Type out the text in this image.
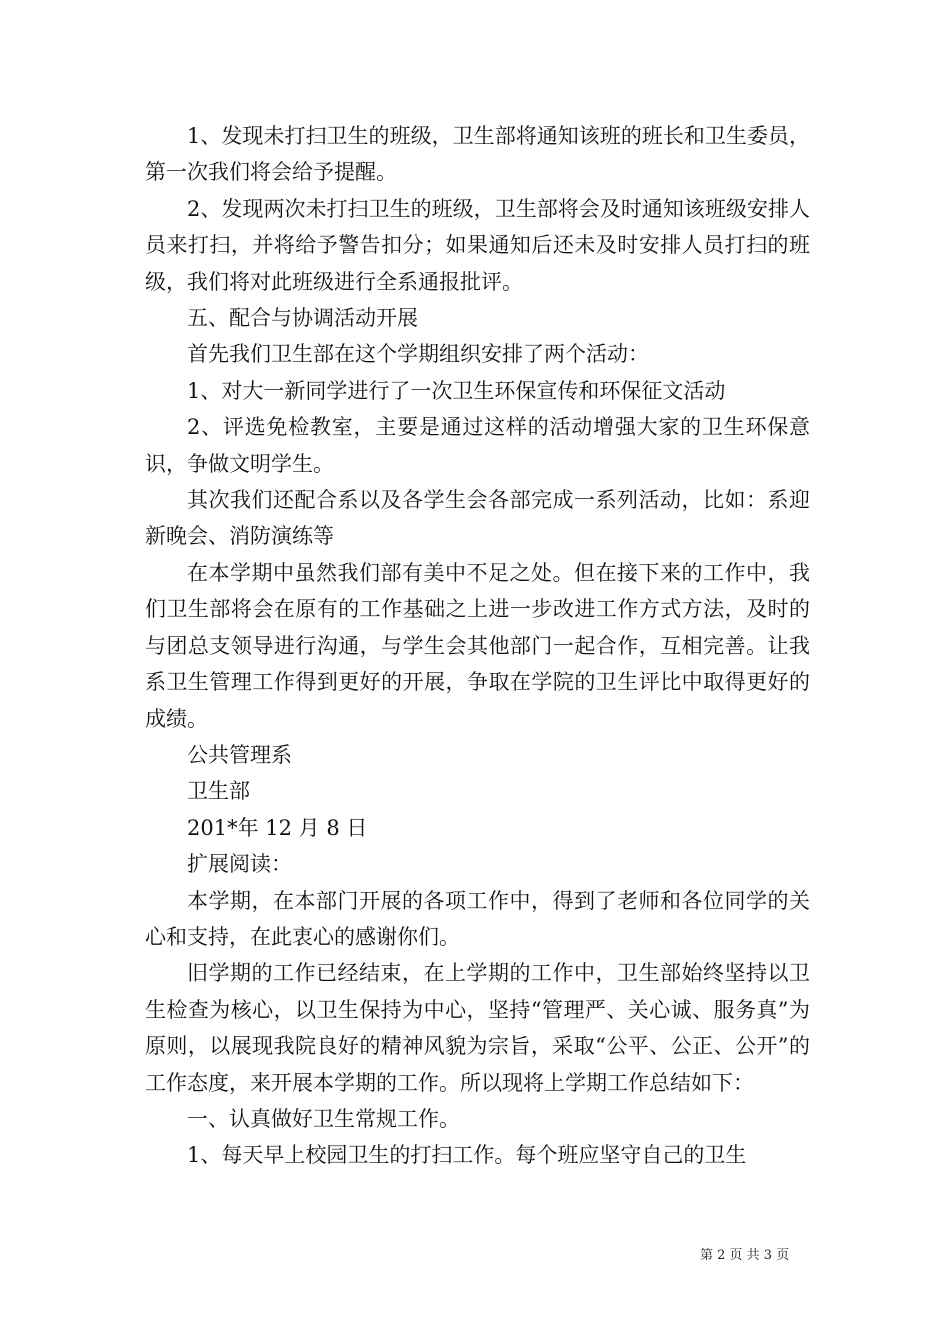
1、发现未打扫卫生的班级，卫生部将通知该班的班长和卫生委员，第一次我们将会给予提醒。

2、发现两次未打扫卫生的班级，卫生部将会及时通知该班级安排人员来打扫，并将给予警告扣分；如果通知后还未及时安排人员打扫的班级，我们将对此班级进行全系通报批评。

五、配合与协调活动开展

首先我们卫生部在这个学期组织安排了两个活动：

1、对大一新同学进行了一次卫生环保宣传和环保征文活动

2、评选免检教室，主要是通过这样的活动增强大家的卫生环保意识，争做文明学生。

其次我们还配合系以及各学生会各部完成一系列活动，比如：系迎新晚会、消防演练等

在本学期中虽然我们部有美中不足之处。但在接下来的工作中，我们卫生部将会在原有的工作基础之上进一步改进工作方式方法，及时的与团总支领导进行沟通，与学生会其他部门一起合作，互相完善。让我系卫生管理工作得到更好的开展，争取在学院的卫生评比中取得更好的成绩。

公共管理系

卫生部

201*年 12 月 8 日

扩展阅读：

本学期，在本部门开展的各项工作中，得到了老师和各位同学的关心和支持，在此衷心的感谢你们。

旧学期的工作已经结束，在上学期的工作中，卫生部始终坚持以卫生检查为核心，以卫生保持为中心，坚持“管理严、关心诚、服务真”为原则，以展现我院良好的精神风貌为宗旨，采取“公平、公正、公开”的工作态度，来开展本学期的工作。所以现将上学期工作总结如下：

一、认真做好卫生常规工作。

1、每天早上校园卫生的打扫工作。每个班应坚守自己的卫生

第 2 页 共 3 页
